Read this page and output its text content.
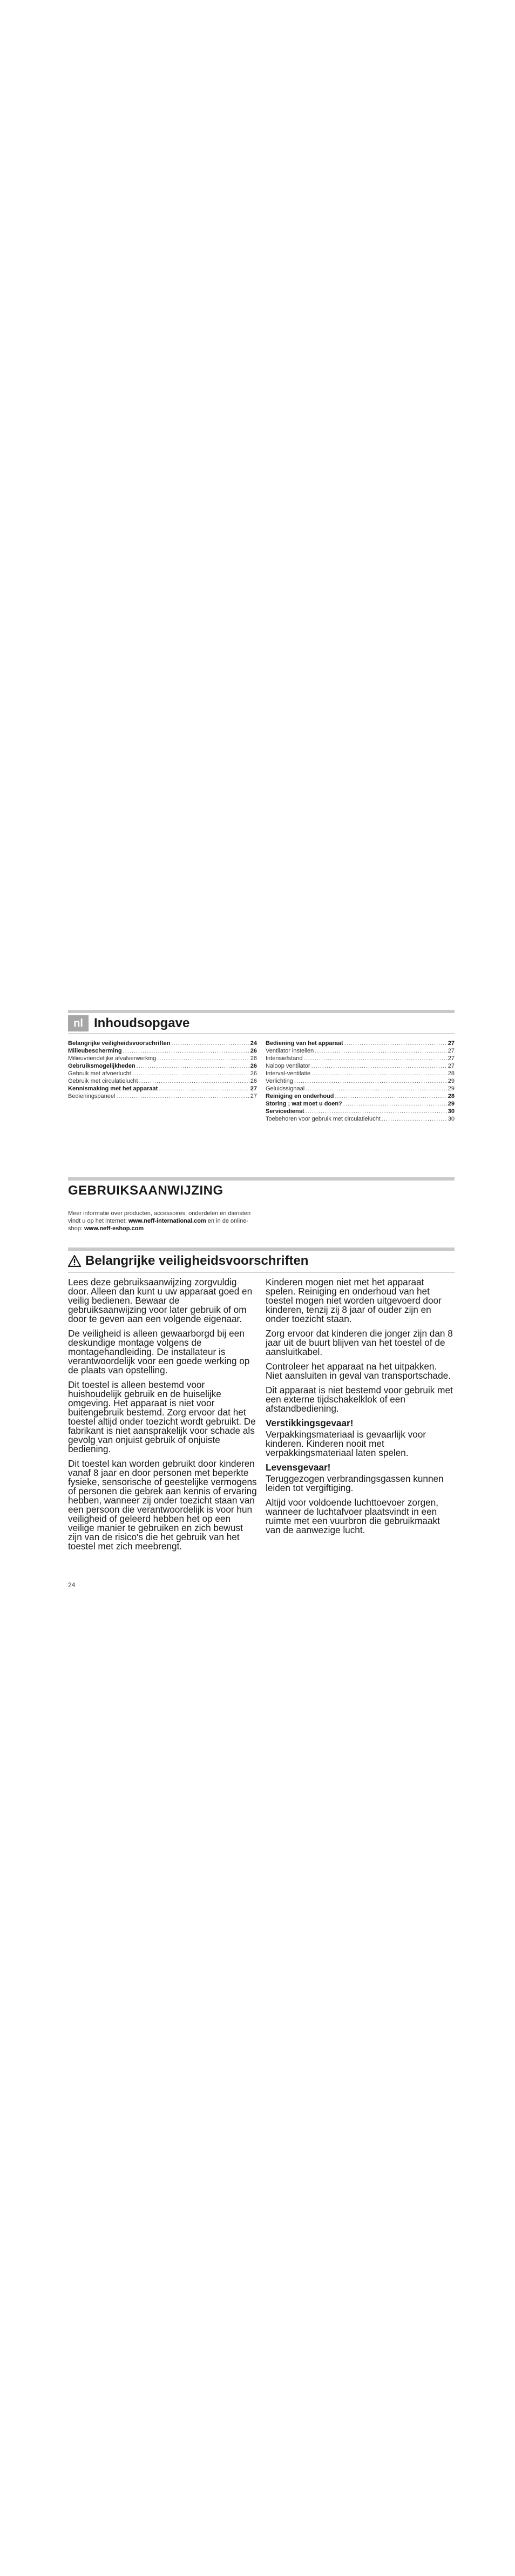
nl Inhoudsopgave
Belangrijke veiligheidsvoorschriften .....	24
Milieubescherming .....	26
Milieuvriendelijke afvalverwerking .....	26
Gebruiksmogelijkheden .....	26
Gebruik met afvoerlucht .....	26
Gebruik met circulatielucht .....	26
Kennismaking met het apparaat .....	27
Bedieningspaneel .....	27
Bediening van het apparaat .....	27
Ventilator instellen .....	27
Intensiefstand .....	27
Naloop ventilator .....	27
Interval-ventilatie .....	28
Verlichting .....	29
Geluidssignaal .....	29
Reiniging en onderhoud .....	28
Storing ; wat moet u doen? .....	29
Servicedienst .....	30
Toebehoren voor gebruik met circulatielucht .....	30
GEBRUIKSAANWIJZING
Meer informatie over producten, accessoires, onderdelen en diensten vindt u op het internet: www.neff-international.com en in de online-shop: www.neff-eshop.com
Belangrijke veiligheidsvoorschriften

Lees deze gebruiksaanwijzing zorgvuldig door. Alleen dan kunt u uw apparaat goed en veilig bedienen. Bewaar de gebruiksaanwijzing voor later gebruik of om door te geven aan een volgende eigenaar.

De veiligheid is alleen gewaarborgd bij een deskundige montage volgens de montagehandleiding. De installateur is verantwoordelijk voor een goede werking op de plaats van opstelling.

Dit toestel is alleen bestemd voor huishoudelijk gebruik en de huiselijke omgeving. Het apparaat is niet voor buitengebruik bestemd. Zorg ervoor dat het toestel altijd onder toezicht wordt gebruikt. De fabrikant is niet aansprakelijk voor schade als gevolg van onjuist gebruik of onjuiste bediening.

Dit toestel kan worden gebruikt door kinderen vanaf 8 jaar en door personen met beperkte fysieke, sensorische of geestelijke vermogens of personen die gebrek aan kennis of ervaring hebben, wanneer zij onder toezicht staan van een persoon die verantwoordelijk is voor hun veiligheid of geleerd hebben het op een veilige manier te gebruiken en zich bewust zijn van de risico's die het gebruik van het toestel met zich meebrengt.

Kinderen mogen niet met het apparaat spelen. Reiniging en onderhoud van het toestel mogen niet worden uitgevoerd door kinderen, tenzij zij 8 jaar of ouder zijn en onder toezicht staan.

Zorg ervoor dat kinderen die jonger zijn dan 8 jaar uit de buurt blijven van het toestel of de aansluitkabel.

Controleer het apparaat na het uitpakken. Niet aansluiten in geval van transportschade.

Dit apparaat is niet bestemd voor gebruik met een externe tijdschakelklok of een afstandbediening.

Verstikkingsgevaar!

Verpakkingsmateriaal is gevaarlijk voor kinderen. Kinderen nooit met verpakkingsmateriaal laten spelen.

Levensgevaar!

Teruggezogen verbrandingsgassen kunnen leiden tot vergiftiging.

Altijd voor voldoende luchttoevoer zorgen, wanneer de luchtafvoer plaatsvindt in een ruimte met een vuurbron die gebruikmaakt van de aanwezige lucht.

24
